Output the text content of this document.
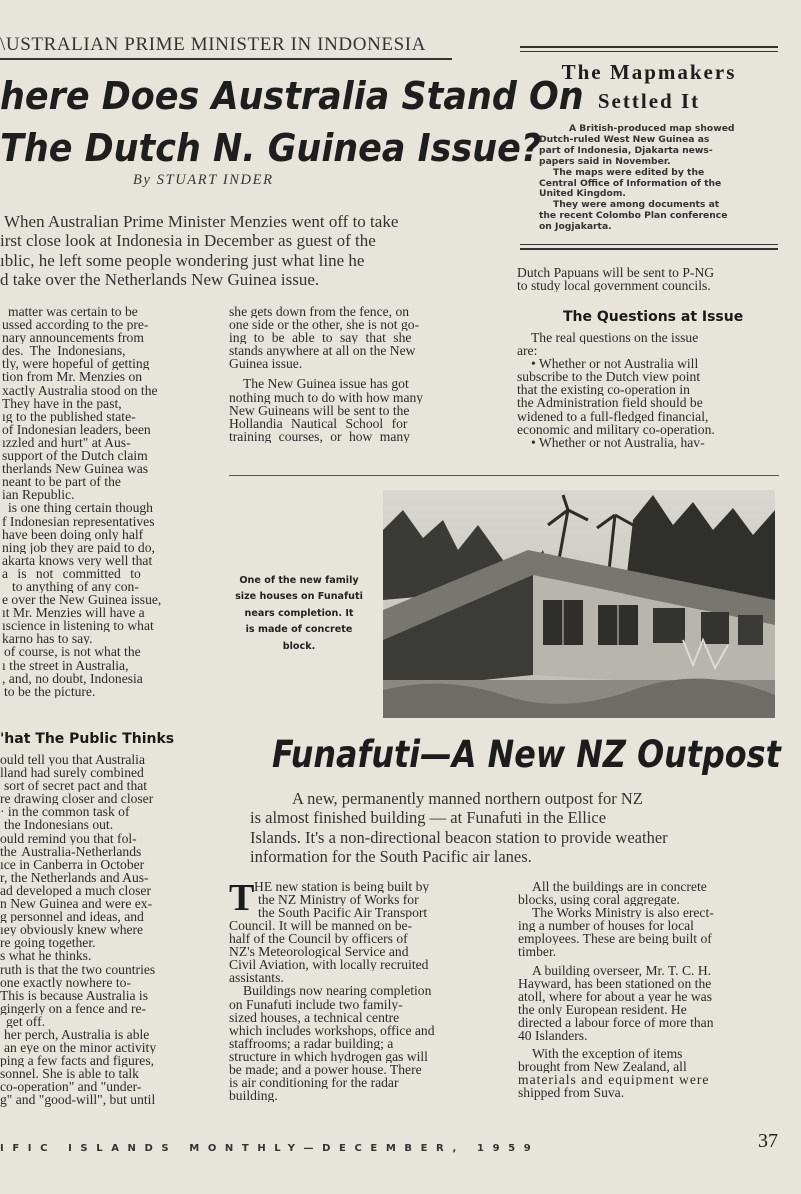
\USTRALIAN PRIME MINISTER IN INDONESIA
here Does Australia Stand On
The Dutch N. Guinea Issue?
By STUART INDER
When Australian Prime Minister Menzies went off to take
irst close look at Indonesia in December as guest of the
ıblic, he left some people wondering just what line he
d take over the Netherlands New Guinea issue.

matter was certain to be

ussed according to the pre-

nary announcements from

des. The Indonesians,

tly, were hopeful of getting

tion from Mr. Menzies on

xactly Australia stood on the

They have in the past,

ıg to the published state-

of Indonesian leaders, been

ızzled and hurt" at Aus-

support of the Dutch claim

therlands New Guinea was

neant to be part of the

ian Republic.

is one thing certain though

f Indonesian representatives

have been doing only half

ning job they are paid to do,

akarta knows very well that

a is not committed to

to anything of any con-

e over the New Guinea issue,

ıt Mr. Menzies will have a

ıscience in listening to what

karno has to say.

of course, is not what the

ı the street in Australia,

, and, no doubt, Indonesia

to be the picture.

'hat The Public Thinks

ould tell you that Australia

lland had surely combined

sort of secret pact and that

re drawing closer and closer

· in the common task of

the Indonesians out.

ould remind you that fol-

the Australia-Netherlands

ıce in Canberra in October

r, the Netherlands and Aus-

ad developed a much closer

n New Guinea and were ex-

g personnel and ideas, and

ıey obviously knew where

re going together.

s what he thinks.

ruth is that the two countries

one exactly nowhere to-

This is because Australia is

gingerly on a fence and re-

get off.

her perch, Australia is able

an eye on the minor activity

ping a few facts and figures,

sonnel. She is able to talk

co-operation" and "under-

g" and "good-will", but until

she gets down from the fence, on

one side or the other, she is not go-

ing to be able to say that she

stands anywhere at all on the New

Guinea issue.

The New Guinea issue has got

nothing much to do with how many

New Guineans will be sent to the

Hollandia Nautical School for

training courses, or how many

The Mapmakers
Settled It
A British-produced map showed
Dutch-ruled West New Guinea as
part of Indonesia, Djakarta news-
papers said in November.
The maps were edited by the
Central Office of Information of the
United Kingdom.
They were among documents at
the recent Colombo Plan conference
on Jogjakarta.

Dutch Papuans will be sent to P-NG

to study local government councils.

The Questions at Issue

The real questions on the issue

are:

• Whether or not Australia will

subscribe to the Dutch view point

that the existing co-operation in

the Administration field should be

widened to a full-fledged financial,

economic and military co-operation.

• Whether or not Australia, hav-

One of the new family
size houses on Funafuti
nears completion. It
is made of concrete
block.
Funafuti—A New NZ Outpost
A new, permanently manned northern outpost for NZ
is almost finished building — at Funafuti in the Ellice
Islands. It's a non-directional beacon station to provide weather
information for the South Pacific air lanes.
T HE new station is being built by

the NZ Ministry of Works for

the South Pacific Air Transport

Council. It will be manned on be-

half of the Council by officers of

NZ's Meteorological Service and

Civil Aviation, with locally recruited

assistants.

Buildings now nearing completion

on Funafuti include two family-

sized houses, a technical centre

which includes workshops, office and

staffrooms; a radar building; a

structure in which hydrogen gas will

be made; and a power house. There

is air conditioning for the radar

building.

All the buildings are in concrete

blocks, using coral aggregate.

The Works Ministry is also erect-

ing a number of houses for local

employees. These are being built of

timber.

A building overseer, Mr. T. C. H.

Hayward, has been stationed on the

atoll, where for about a year he was

the only European resident. He

directed a labour force of more than

40 Islanders.

With the exception of items

brought from New Zealand, all

materials and equipment were

shipped from Suva.

IFIC ISLANDS MONTHLY—DECEMBER, 1959	37
